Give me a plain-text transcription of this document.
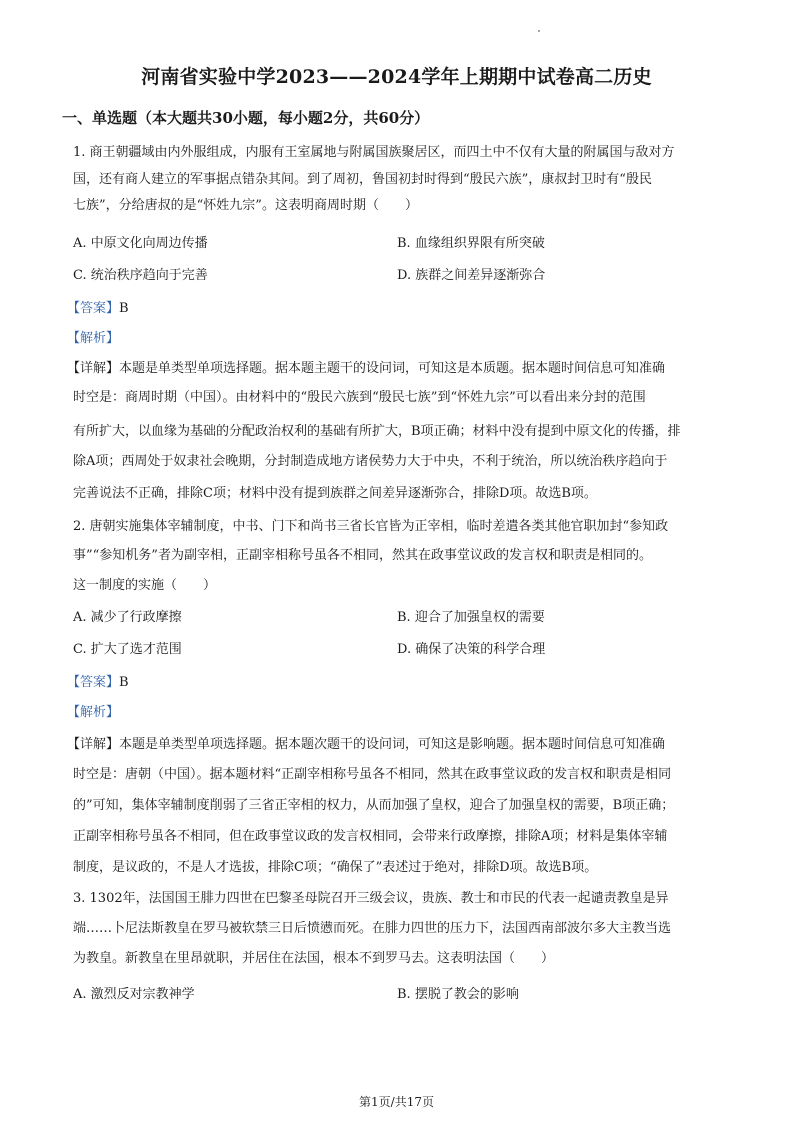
河南省实验中学2023——2024学年上期期中试卷高二历史
一、单选题（本大题共30小题，每小题2分，共60分）
1. 商王朝疆域由内外服组成，内服有王室属地与附属国族聚居区，而四土中不仅有大量的附属国与敌对方
国，还有商人建立的军事据点错杂其间。到了周初，鲁国初封时得到“殷民六族”，康叔封卫时有“殷民
七族”，分给唐叔的是“怀姓九宗”。这表明商周时期（　　）
A. 中原文化向周边传播	B. 血缘组织界限有所突破
C. 统治秩序趋向于完善	D. 族群之间差异逐渐弥合
【答案】B
【解析】
【详解】本题是单类型单项选择题。据本题主题干的设问词，可知这是本质题。据本题时间信息可知准确
时空是：商周时期（中国）。由材料中的“殷民六族到“殷民七族”到“怀姓九宗”可以看出来分封的范围
有所扩大，以血缘为基础的分配政治权利的基础有所扩大，B项正确；材料中没有提到中原文化的传播，排
除A项；西周处于奴隶社会晚期，分封制造成地方诸侯势力大于中央，不利于统治，所以统治秩序趋向于
完善说法不正确，排除C项；材料中没有提到族群之间差异逐渐弥合，排除D项。故选B项。
2. 唐朝实施集体宰辅制度，中书、门下和尚书三省长官皆为正宰相，临时差遣各类其他官职加封“参知政
事”“参知机务”者为副宰相，正副宰相称号虽各不相同，然其在政事堂议政的发言权和职责是相同的。
这一制度的实施（　　）
A. 减少了行政摩擦	B. 迎合了加强皇权的需要
C. 扩大了选才范围	D. 确保了决策的科学合理
【答案】B
【解析】
【详解】本题是单类型单项选择题。据本题次题干的设问词，可知这是影响题。据本题时间信息可知准确
时空是：唐朝（中国）。据本题材料“正副宰相称号虽各不相同，然其在政事堂议政的发言权和职责是相同
的”可知，集体宰辅制度削弱了三省正宰相的权力，从而加强了皇权，迎合了加强皇权的需要，B项正确；
正副宰相称号虽各不相同，但在政事堂议政的发言权相同，会带来行政摩擦，排除A项；材料是集体宰辅
制度，是议政的，不是人才选拔，排除C项；“确保了”表述过于绝对，排除D项。故选B项。
3. 1302年，法国国王腓力四世在巴黎圣母院召开三级会议，贵族、教士和市民的代表一起谴责教皇是异
端……卜尼法斯教皇在罗马被软禁三日后愤懑而死。在腓力四世的压力下，法国西南部波尔多大主教当选
为教皇。新教皇在里昂就职，并居住在法国，根本不到罗马去。这表明法国（　　）
A. 激烈反对宗教神学	B. 摆脱了教会的影响
第1页/共17页
